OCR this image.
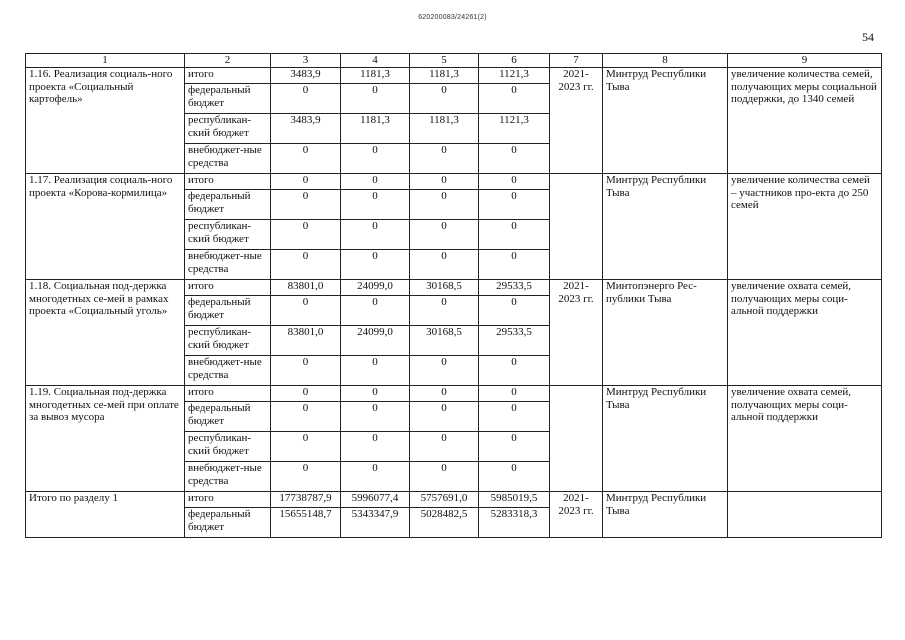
620200083/24261(2)
54
1	2	3	4	5	6	7	8	9
1.16. Реализация социаль-ного проекта «Социальный картофель»	итого	3483,9	1181,3	1181,3	1121,3	2021-2023 гг.	Минтруд Республики Тыва	увеличение количества семей, получающих меры социальной поддержки, до 1340 семей
	федеральный бюджет	0	0	0	0			
	республикан-ский бюджет	3483,9	1181,3	1181,3	1121,3			
	внебюджет-ные средства	0	0	0	0			
1.17. Реализация социаль-ного проекта «Корова-кормилица»	итого	0	0	0	0		Минтруд Республики Тыва	увеличение количества семей – участников про-екта до 250 семей
	федеральный бюджет	0	0	0	0			
	республикан-ский бюджет	0	0	0	0			
	внебюджет-ные средства	0	0	0	0			
1.18. Социальная под-держка многодетных се-мей в рамках проекта «Социальный уголь»	итого	83801,0	24099,0	30168,5	29533,5	2021-2023 гг.	Минтопэнерго Рес-публики Тыва	увеличение охвата семей, получающих меры соци-альной поддержки
	федеральный бюджет	0	0	0	0			
	республикан-ский бюджет	83801,0	24099,0	30168,5	29533,5			
	внебюджет-ные средства	0	0	0	0			
1.19. Социальная под-держка многодетных се-мей при оплате за вывоз мусора	итого	0	0	0	0		Минтруд Республики Тыва	увеличение охвата семей, получающих меры соци-альной поддержки
	федеральный бюджет	0	0	0	0			
	республикан-ский бюджет	0	0	0	0			
	внебюджет-ные средства	0	0	0	0			
Итого по разделу 1	итого	17738787,9	5996077,4	5757691,0	5985019,5	2021-2023 гг.	Минтруд Республики Тыва	
	федеральный бюджет	15655148,7	5343347,9	5028482,5	5283318,3			
